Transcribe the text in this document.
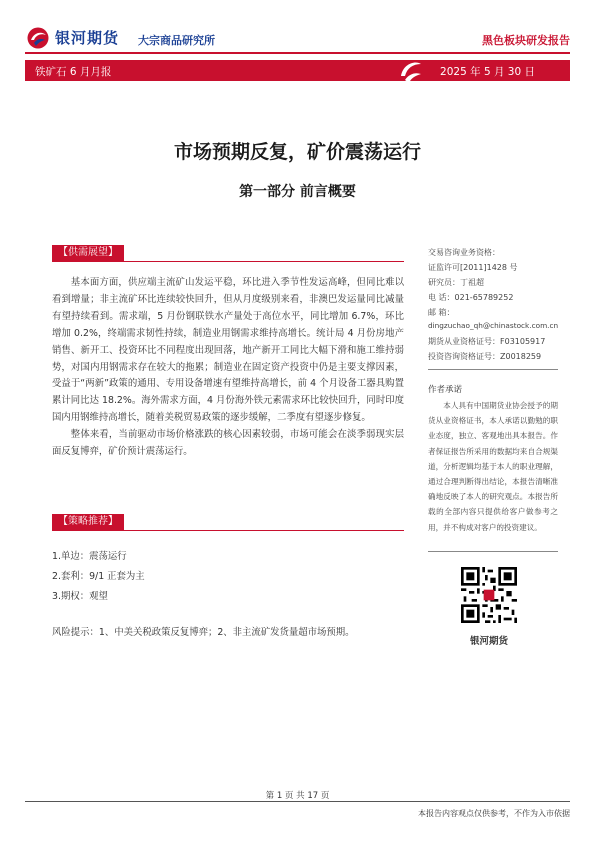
银河期货 大宗商品研究所	黑色板块研发报告
铁矿石 6 月月报	2025 年 5 月 30 日
市场预期反复，矿价震荡运行
第一部分 前言概要
【供需展望】

基本面方面，供应端主流矿山发运平稳，环比进入季节性发运高峰，但同比难以看到增量；非主流矿环比连续较快回升，但从月度级别来看，非澳巴发运量同比减量有望持续看到。需求端，5 月份钢联铁水产量处于高位水平，同比增加 6.7%，环比增加 0.2%，终端需求韧性持续，制造业用钢需求维持高增长。统计局 4 月份房地产销售、新开工、投资环比不同程度出现回落，地产新开工同比大幅下滑和施工维持弱势，对国内用钢需求存在较大的拖累；制造业在固定资产投资中仍是主要支撑因素，受益于“两新”政策的通用、专用设备增速有望维持高增长，前 4 个月设备工器具购置累计同比达 18.2%。海外需求方面，4 月份海外铁元素需求环比较快回升，同时印度国内用钢维持高增长，随着美税贸易政策的逐步缓解，二季度有望逐步修复。

整体来看，当前驱动市场价格涨跌的核心因素较弱，市场可能会在淡季弱现实层面反复博弈，矿价预计震荡运行。

【策略推荐】
1.单边：震荡运行
2.套利：9/1 正套为主
3.期权：观望
风险提示：1、中美关税政策反复博弈；2、非主流矿发货量超市场预期。
交易咨询业务资格：
证监许可[2011]1428 号
研究员：丁祖超
电 话：021-65789252
邮 箱：
dingzuchao_qh@chinastock.com.cn
期货从业资格证号：F03105917
投资咨询资格证号：Z0018259
作者承诺

本人具有中国期货业协会授予的期货从业资格证书，本人承诺以勤勉的职业态度，独立、客观地出具本报告。作者保证报告所采用的数据均来自合规渠道，分析逻辑均基于本人的职业理解，通过合理判断得出结论，本报告清晰准确地反映了本人的研究观点。本报告所载的全部内容只提供给客户做参考之用，并不构成对客户的投资建议。

银河期货
第 1 页 共 17 页
本报告内容观点仅供参考，不作为入市依据
